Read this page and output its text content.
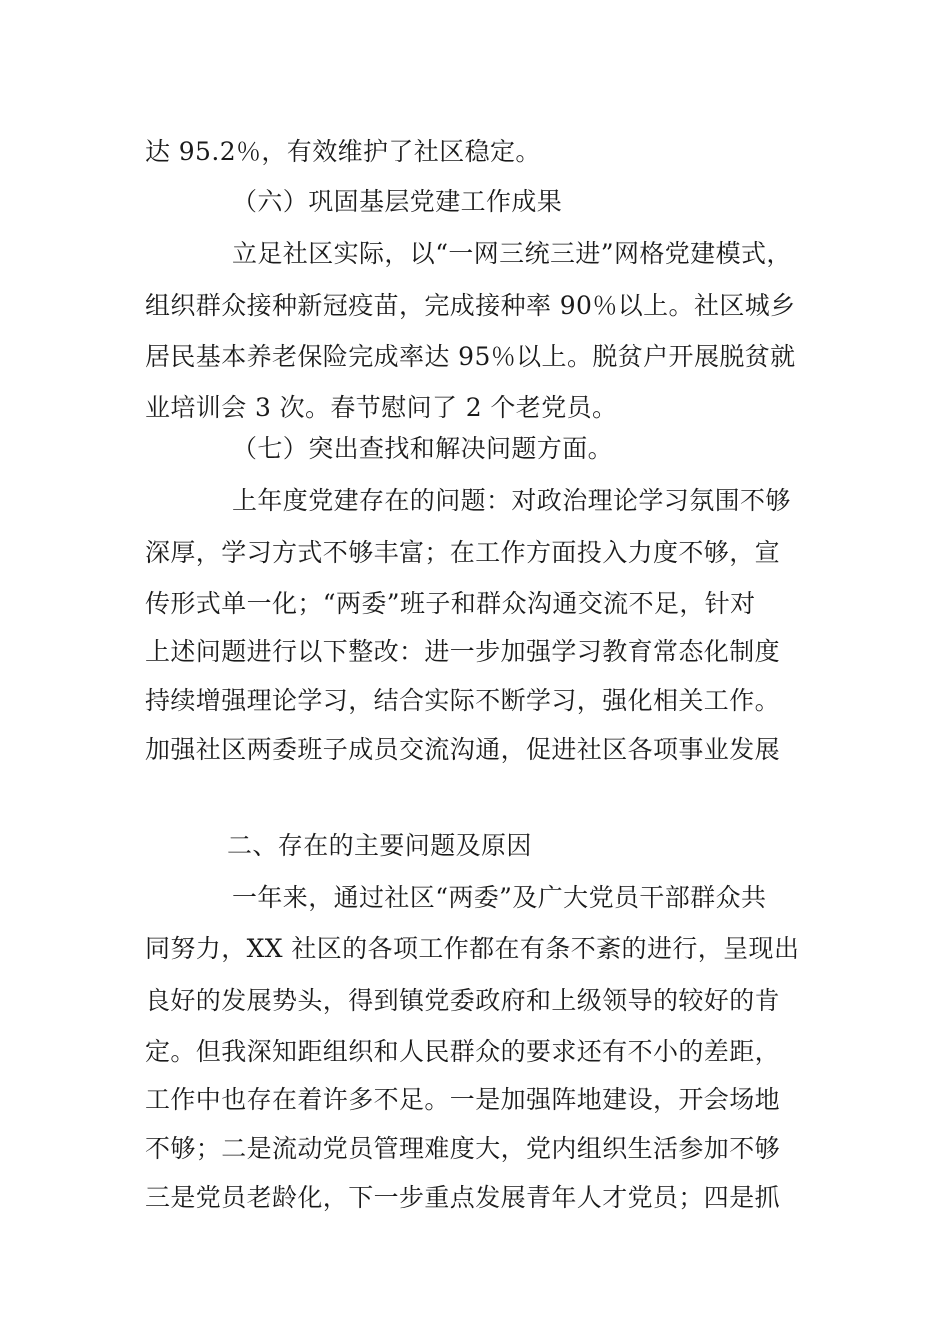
达 95.2％，有效维护了社区稳定。
（六）巩固基层党建工作成果
立足社区实际，以“一网三统三进”网格党建模式，
组织群众接种新冠疫苗，完成接种率 90％以上。社区城乡
居民基本养老保险完成率达 95％以上。脱贫户开展脱贫就
业培训会 3 次。春节慰问了 2 个老党员。
（七）突出查找和解决问题方面。
上年度党建存在的问题：对政治理论学习氛围不够
深厚，学习方式不够丰富；在工作方面投入力度不够，宣
传形式单一化；“两委”班子和群众沟通交流不足，针对
上述问题进行以下整改：进一步加强学习教育常态化制度
持续增强理论学习，结合实际不断学习，强化相关工作。
加强社区两委班子成员交流沟通，促进社区各项事业发展
二、存在的主要问题及原因
一年来，通过社区“两委”及广大党员干部群众共
同努力，XX 社区的各项工作都在有条不紊的进行，呈现出
良好的发展势头，得到镇党委政府和上级领导的较好的肯
定。但我深知距组织和人民群众的要求还有不小的差距，
工作中也存在着许多不足。一是加强阵地建设，开会场地
不够；二是流动党员管理难度大，党内组织生活参加不够
三是党员老龄化，下一步重点发展青年人才党员；四是抓
